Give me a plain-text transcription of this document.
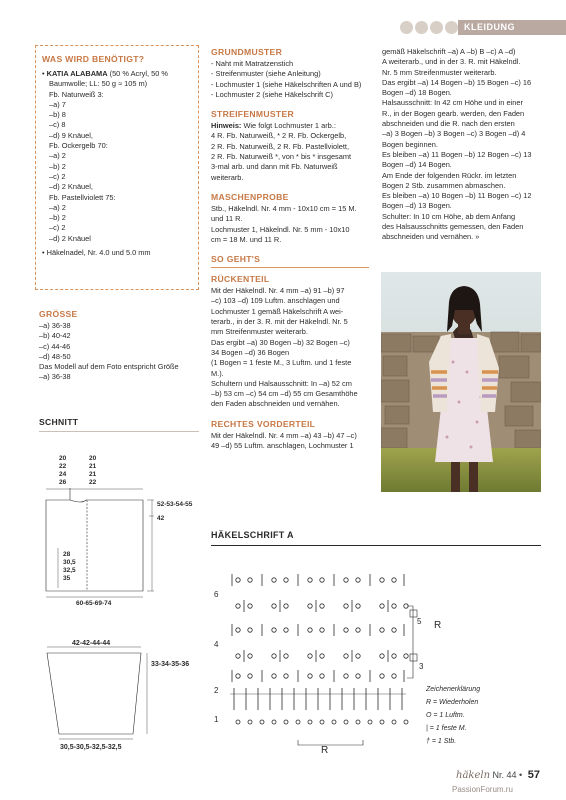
KLEIDUNG
WAS WIRD BENÖTIGT?
• KATIA ALABAMA (50 % Acryl, 50 %
Baumwolle; LL: 50 g ≈ 105 m)
Fb. Naturweiß 3:
–a) 7
–b) 8
–c) 8
–d) 9 Knäuel,
Fb. Ockergelb 70:
–a) 2
–b) 2
–c) 2
–d) 2 Knäuel,
Fb. Pastellviolett 75:
–a) 2
–b) 2
–c) 2
–d) 2 Knäuel
• Häkelnadel, Nr. 4.0 und 5.0 mm
GRÖSSE
–a) 36-38
–b) 40-42
–c) 44-46
–d) 48-50
Das Modell auf dem Foto entspricht Größe
–a) 36-38
SCHNITT
20
22
24
26
20
21
21
22
52-53-54-55
42
28
30,5
32,5
35
60-65-69-74
42-42-44-44
33-34-35-36
30,5-30,5-32,5-32,5
GRUNDMUSTER
- Naht mit Matratzenstich
- Streifenmuster (siehe Anleitung)
- Lochmuster 1 (siehe Häkelschriften A und B)
- Lochmuster 2 (siehe Häkelschrift C)
STREIFENMUSTER
Hinweis: Wie folgt Lochmuster 1 arb.:
4 R. Fb. Naturweiß, * 2 R. Fb. Ockergelb,
2 R. Fb. Naturweiß, 2 R. Fb. Pastellviolett,
2 R. Fb. Naturweiß *, von * bis * insgesamt
3-mal arb. und dann mit Fb. Naturweiß
weiterarb.
MASCHENPROBE
Stb., Häkelndl. Nr. 4 mm - 10x10 cm = 15 M.
und 11 R.
Lochmuster 1, Häkelndl. Nr. 5 mm - 10x10
cm = 18 M. und 11 R.
SO GEHT'S
RÜCKENTEIL
Mit der Häkelndl. Nr. 4 mm –a) 91 –b) 97
–c) 103 –d) 109 Luftm. anschlagen und
Lochmuster 1 gemäß Häkelschrift A wei-
terarb., in der 3. R. mit der Häkelndl. Nr. 5
mm Streifenmuster weiterarb.
Das ergibt –a) 30 Bogen –b) 32 Bogen –c)
34 Bogen –d) 36 Bogen
(1 Bogen = 1 feste M., 3 Luftm. und 1 feste
M.).
Schultern und Halsausschnitt: In –a) 52 cm
–b) 53 cm –c) 54 cm –d) 55 cm Gesamthöhe
den Faden abschneiden und vernähen.
RECHTES VORDERTEIL
Mit der Häkelndl. Nr. 4 mm –a) 43 –b) 47 –c)
49 –d) 55 Luftm. anschlagen, Lochmuster 1
gemäß Häkelschrift –a) A –b) B –c) A –d)
A weiterarb., und in der 3. R. mit Häkelndl.
Nr. 5 mm Streifenmuster weiterarb.
Das ergibt –a) 14 Bogen –b) 15 Bogen –c) 16
Bogen –d) 18 Bogen.
Halsausschnitt: In 42 cm Höhe und in einer
R., in der Bogen gearb. werden, den Faden
abschneiden und die R. nach den ersten
–a) 3 Bogen –b) 3 Bogen –c) 3 Bogen –d) 4
Bogen beginnen.
Es bleiben –a) 11 Bogen –b) 12 Bogen –c) 13
Bogen –d) 14 Bogen.
Am Ende der folgenden Rückr. im letzten
Bogen 2 Stb. zusammen abmaschen.
Es bleiben –a) 10 Bogen –b) 11 Bogen –c) 12
Bogen –d) 13 Bogen.
Schulter: In 10 cm Höhe, ab dem Anfang
des Halsausschnitts gemessen, den Faden
abschneiden und vernähen. »
HÄKELSCHRIFT A
6
4
2
1
5
3
R
R
Zeichenerklärung
R = Wiederholen
O = 1 Luftm.
| = 1 feste M.
† = 1 Stb.
häkeln Nr. 44 • 57
PassionForum.ru
